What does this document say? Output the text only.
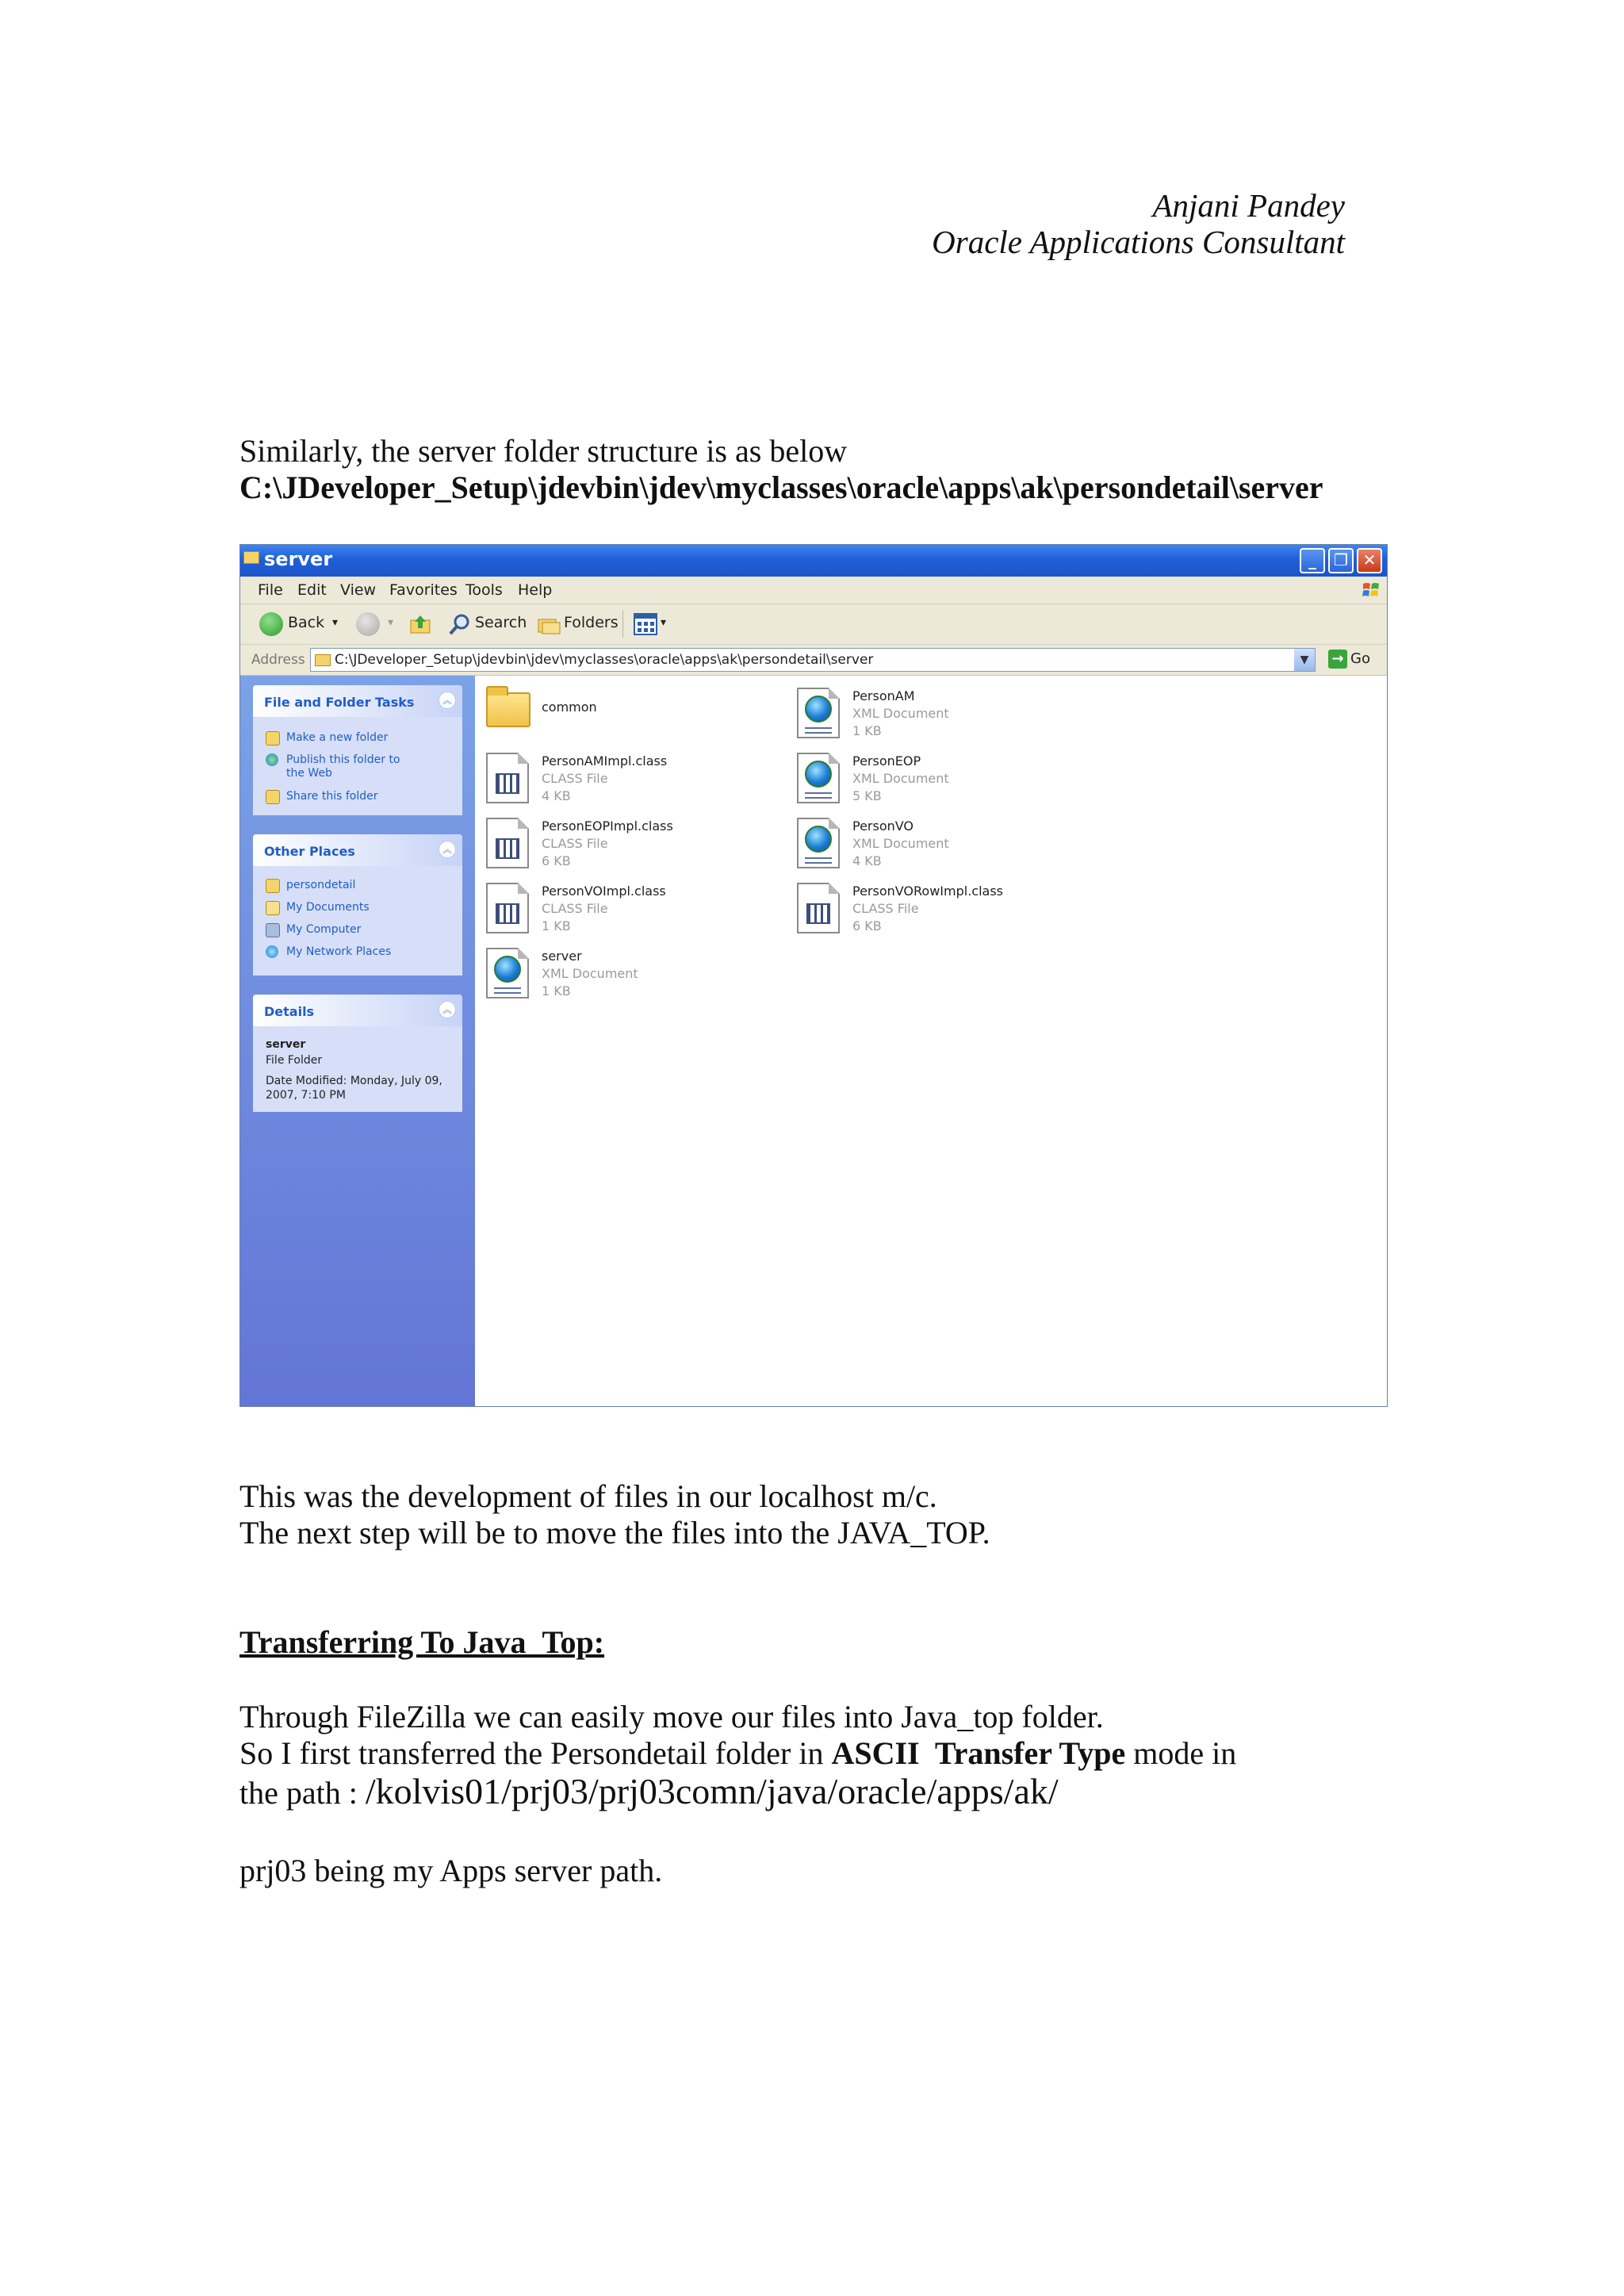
Anjani Pandey
Oracle Applications Consultant
Similarly, the server folder structure is as below
C:\JDeveloper_Setup\jdevbin\jdev\myclasses\oracle\apps\ak\persondetail\server
server	_	❐ ✕
File Edit View Favorites Tools Help
Back ▾	▾	Search Folders	▾
Address C:\JDeveloper_Setup\jdevbin\jdev\myclasses\oracle\apps\ak\persondetail\server	▼	→ Go
File and Folder Tasks	︽
Make a new folder
Publish this folder to the Web
Share this folder
Other Places	︽
persondetail
My Documents
My Computer
My Network Places
Details	︽
server
File Folder
Date Modified: Monday, July 09, 2007, 7:10 PM
common
PersonAMImpl.class
CLASS File
4 KB
PersonEOPImpl.class
CLASS File
6 KB
PersonVOImpl.class
CLASS File
1 KB
server
XML Document
1 KB
PersonAM
XML Document
1 KB
PersonEOP
XML Document
5 KB
PersonVO
XML Document
4 KB
PersonVORowImpl.class
CLASS File
6 KB
This was the development of files in our localhost m/c.
The next step will be to move the files into the JAVA_TOP.
Transferring To Java_Top:
Through FileZilla we can easily move our files into Java_top folder.
So I first transferred the Persondetail folder in ASCII  Transfer Type mode in
the path : /kolvis01/prj03/prj03comn/java/oracle/apps/ak/
prj03 being my Apps server path.
